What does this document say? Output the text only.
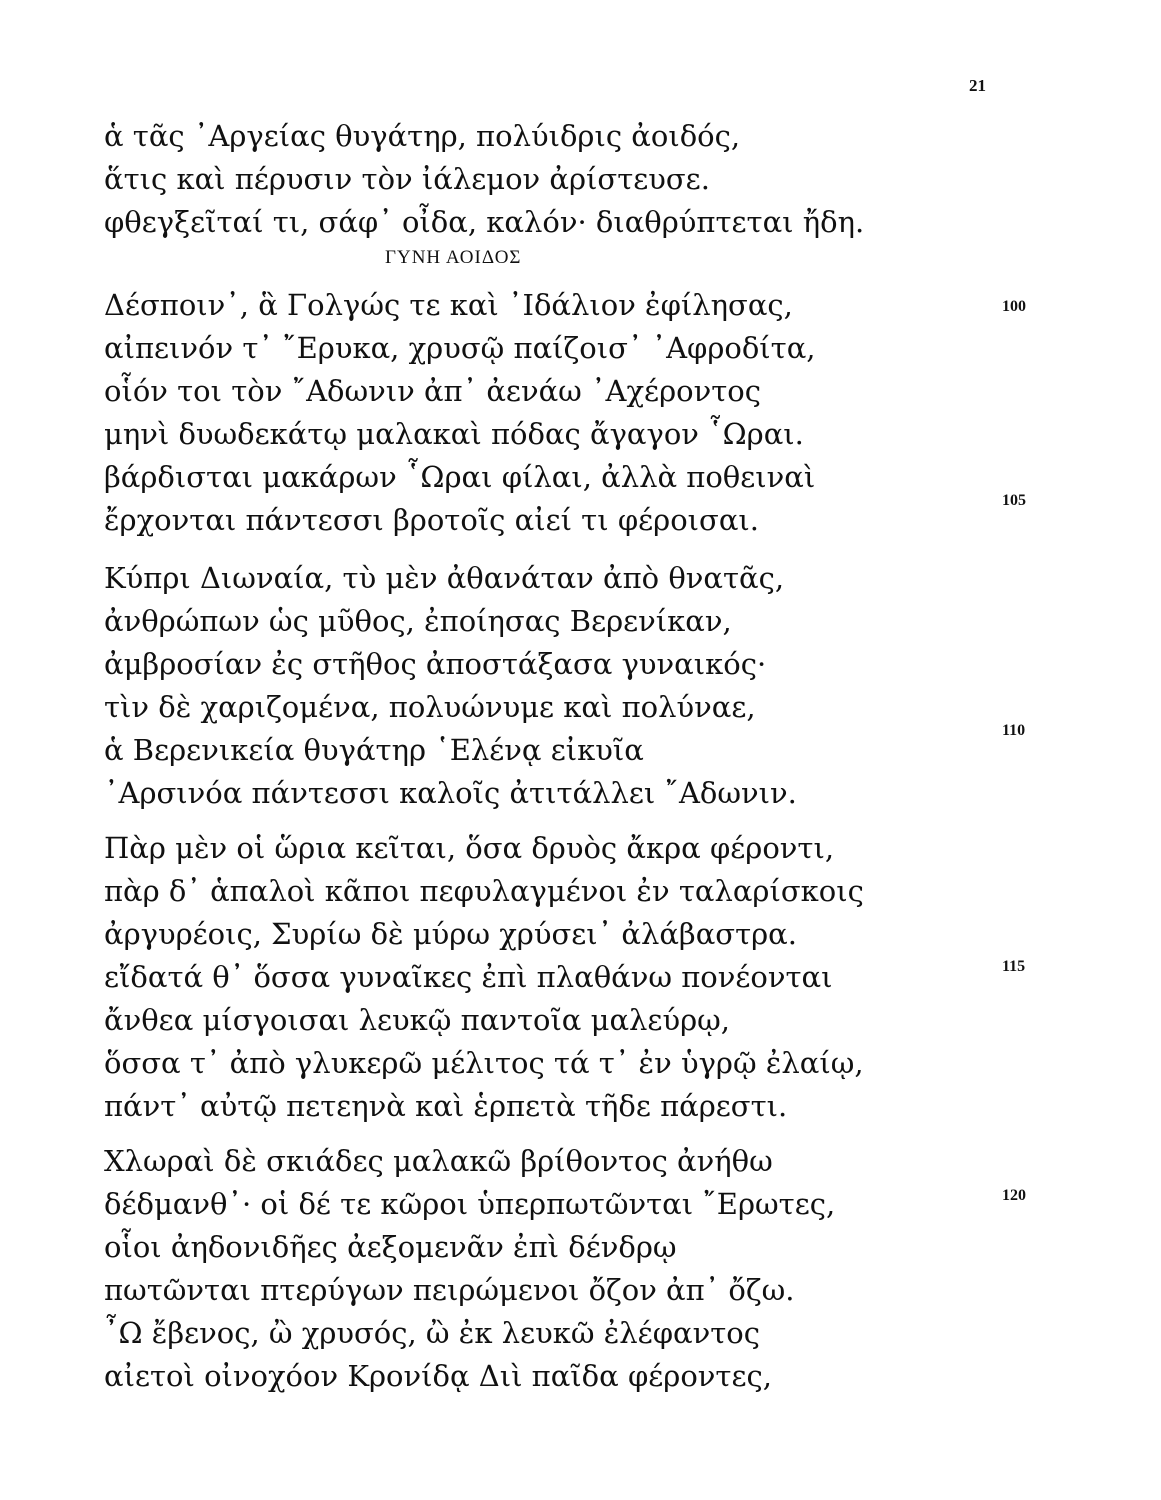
21
ἁ τᾶς ᾽Αργείας θυγάτηρ, πολύιδρις ἀοιδός,
ἅτις καὶ πέρυσιν τὸν ἰάλεμον ἀρίστευσε.
φθεγξεῖταί τι, σάφ᾽ οἶδα, καλόν· διαθρύπτεται ἤδη.
ΓΥΝΗ ΑΟΙΔΟΣ
Δέσποιν᾽, ἃ Γολγώς τε καὶ ᾽Ιδάλιον ἐφίλησας,
αἰπεινόν τ᾽ ῎Ερυκα, χρυσῷ παίζοισ᾽ ᾽Αφροδίτα,
οἷόν τοι τὸν ῎Αδωνιν ἀπ᾽ ἀενάω ᾽Αχέροντος
μηνὶ δυωδεκάτῳ μαλακαὶ πόδας ἄγαγον ῟Ωραι.
βάρδισται μακάρων ῟Ωραι φίλαι, ἀλλὰ ποθειναὶ
ἔρχονται πάντεσσι βροτοῖς αἰεί τι φέροισαι.
Κύπρι Διωναία, τὺ μὲν ἀθανάταν ἀπὸ θνατᾶς,
ἀνθρώπων ὡς μῦθος, ἐποίησας Βερενίκαν,
ἀμβροσίαν ἐς στῆθος ἀποστάξασα γυναικός·
τὶν δὲ χαριζομένα, πολυώνυμε καὶ πολύναε,
ἁ Βερενικεία θυγάτηρ ῾Ελένᾳ εἰκυῖα
᾽Αρσινόα πάντεσσι καλοῖς ἀτιτάλλει ῎Αδωνιν.
Πὰρ μὲν οἱ ὥρια κεῖται, ὅσα δρυὸς ἄκρα φέροντι,
πὰρ δ᾽ ἁπαλοὶ κᾶποι πεφυλαγμένοι ἐν ταλαρίσκοις
ἀργυρέοις, Συρίω δὲ μύρω χρύσει᾽ ἀλάβαστρα.
εἴδατά θ᾽ ὅσσα γυναῖκες ἐπὶ πλαθάνω πονέονται
ἄνθεα μίσγοισαι λευκῷ παντοῖα μαλεύρῳ,
ὅσσα τ᾽ ἀπὸ γλυκερῶ μέλιτος τά τ᾽ ἐν ὑγρῷ ἐλαίῳ,
πάντ᾽ αὐτῷ πετεηνὰ καὶ ἑρπετὰ τῆδε πάρεστι.
Χλωραὶ δὲ σκιάδες μαλακῶ βρίθοντος ἀνήθω
δέδμανθ᾽· οἱ δέ τε κῶροι ὑπερπωτῶνται ῎Ερωτες,
οἷοι ἀηδονιδῆες ἀεξομενᾶν ἐπὶ δένδρῳ
πωτῶνται πτερύγων πειρώμενοι ὄζον ἀπ᾽ ὄζω.
῏Ω ἔβενος, ὢ χρυσός, ὢ ἐκ λευκῶ ἐλέφαντος
αἰετοὶ οἰνοχόον Κρονίδᾳ Διὶ παῖδα φέροντες,
100
105
110
115
120
